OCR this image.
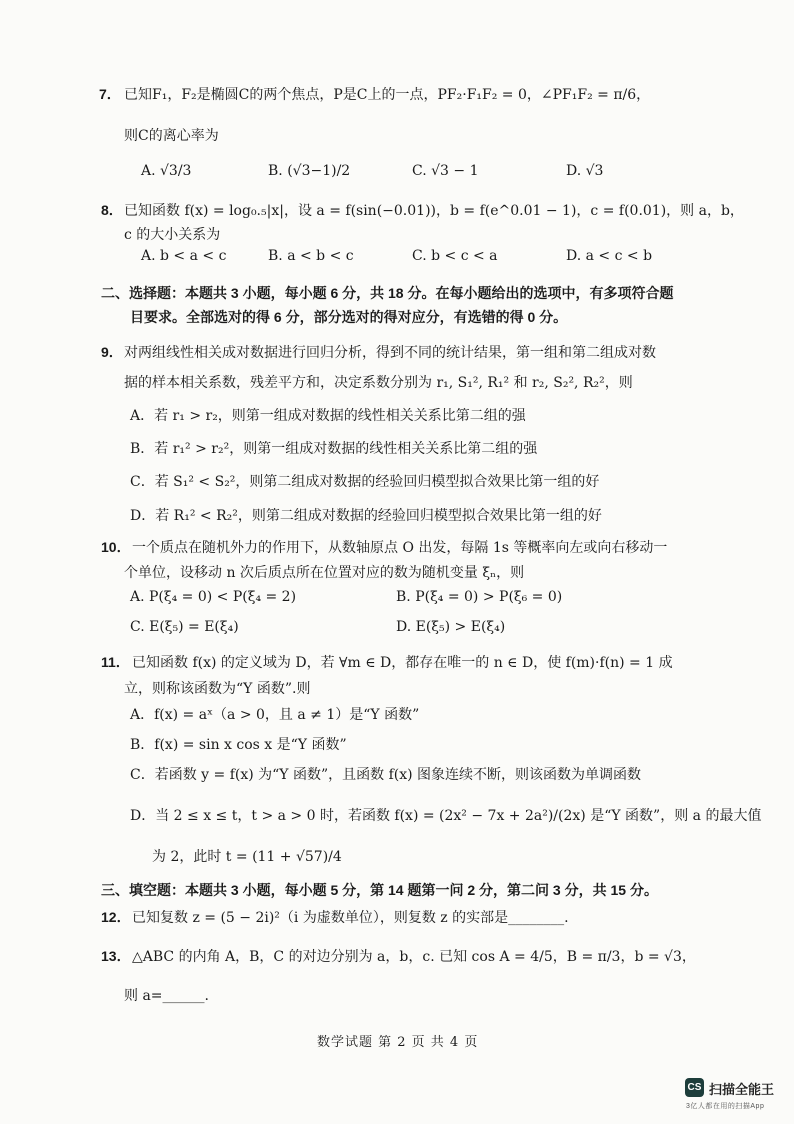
7． 已知F₁，F₂是椭圆C的两个焦点，P是C上的一点，PF₂·F₁F₂ = 0，∠PF₁F₂ = π/6，
则C的离心率为
A. √3/3	B. (√3−1)/2	C. √3 − 1	D. √3
8． 已知函数 f(x) = log₀.₅|x|，设 a = f(sin(−0.01))，b = f(e^0.01 − 1)，c = f(0.01)，则 a，b，
c 的大小关系为
A. b < a < c	B. a < b < c	C. b < c < a	D. a < c < b
二、选择题：本题共 3 小题，每小题 6 分，共 18 分。在每小题给出的选项中，有多项符合题
目要求。全部选对的得 6 分，部分选对的得对应分，有选错的得 0 分。
9． 对两组线性相关成对数据进行回归分析，得到不同的统计结果，第一组和第二组成对数
据的样本相关系数，残差平方和，决定系数分别为 r₁, S₁², R₁² 和 r₂, S₂², R₂²，则
A．若 r₁ > r₂，则第一组成对数据的线性相关关系比第二组的强
B．若 r₁² > r₂²，则第一组成对数据的线性相关关系比第二组的强
C．若 S₁² < S₂²，则第二组成对数据的经验回归模型拟合效果比第一组的好
D．若 R₁² < R₂²，则第二组成对数据的经验回归模型拟合效果比第一组的好
10． 一个质点在随机外力的作用下，从数轴原点 O 出发，每隔 1s 等概率向左或向右移动一
个单位，设移动 n 次后质点所在位置对应的数为随机变量 ξₙ，则
A. P(ξ₄ = 0) < P(ξ₄ = 2)	B. P(ξ₄ = 0) > P(ξ₆ = 0)
C. E(ξ₅) = E(ξ₄)	D. E(ξ₅) > E(ξ₄)
11． 已知函数 f(x) 的定义域为 D，若 ∀m ∈ D，都存在唯一的 n ∈ D，使 f(m)·f(n) = 1 成
立，则称该函数为“Y 函数”.则
A．f(x) = aˣ（a > 0，且 a ≠ 1）是“Y 函数”
B．f(x) = sin x cos x 是“Y 函数”
C．若函数 y = f(x) 为“Y 函数”，且函数 f(x) 图象连续不断，则该函数为单调函数
D．当 2 ≤ x ≤ t，t > a > 0 时，若函数 f(x) = (2x² − 7x + 2a²)/(2x) 是“Y 函数”，则 a 的最大值
为 2，此时 t = (11 + √57)/4
三、填空题：本题共 3 小题，每小题 5 分，第 14 题第一问 2 分，第二问 3 分，共 15 分。
12． 已知复数 z = (5 − 2i)²（i 为虚数单位），则复数 z 的实部是________.
13． △ABC 的内角 A，B，C 的对边分别为 a，b，c. 已知 cos A = 4/5，B = π/3，b = √3，
则 a=______.
数学试题 第 2 页 共 4 页
CS 扫描全能王
3亿人都在用的扫描App
